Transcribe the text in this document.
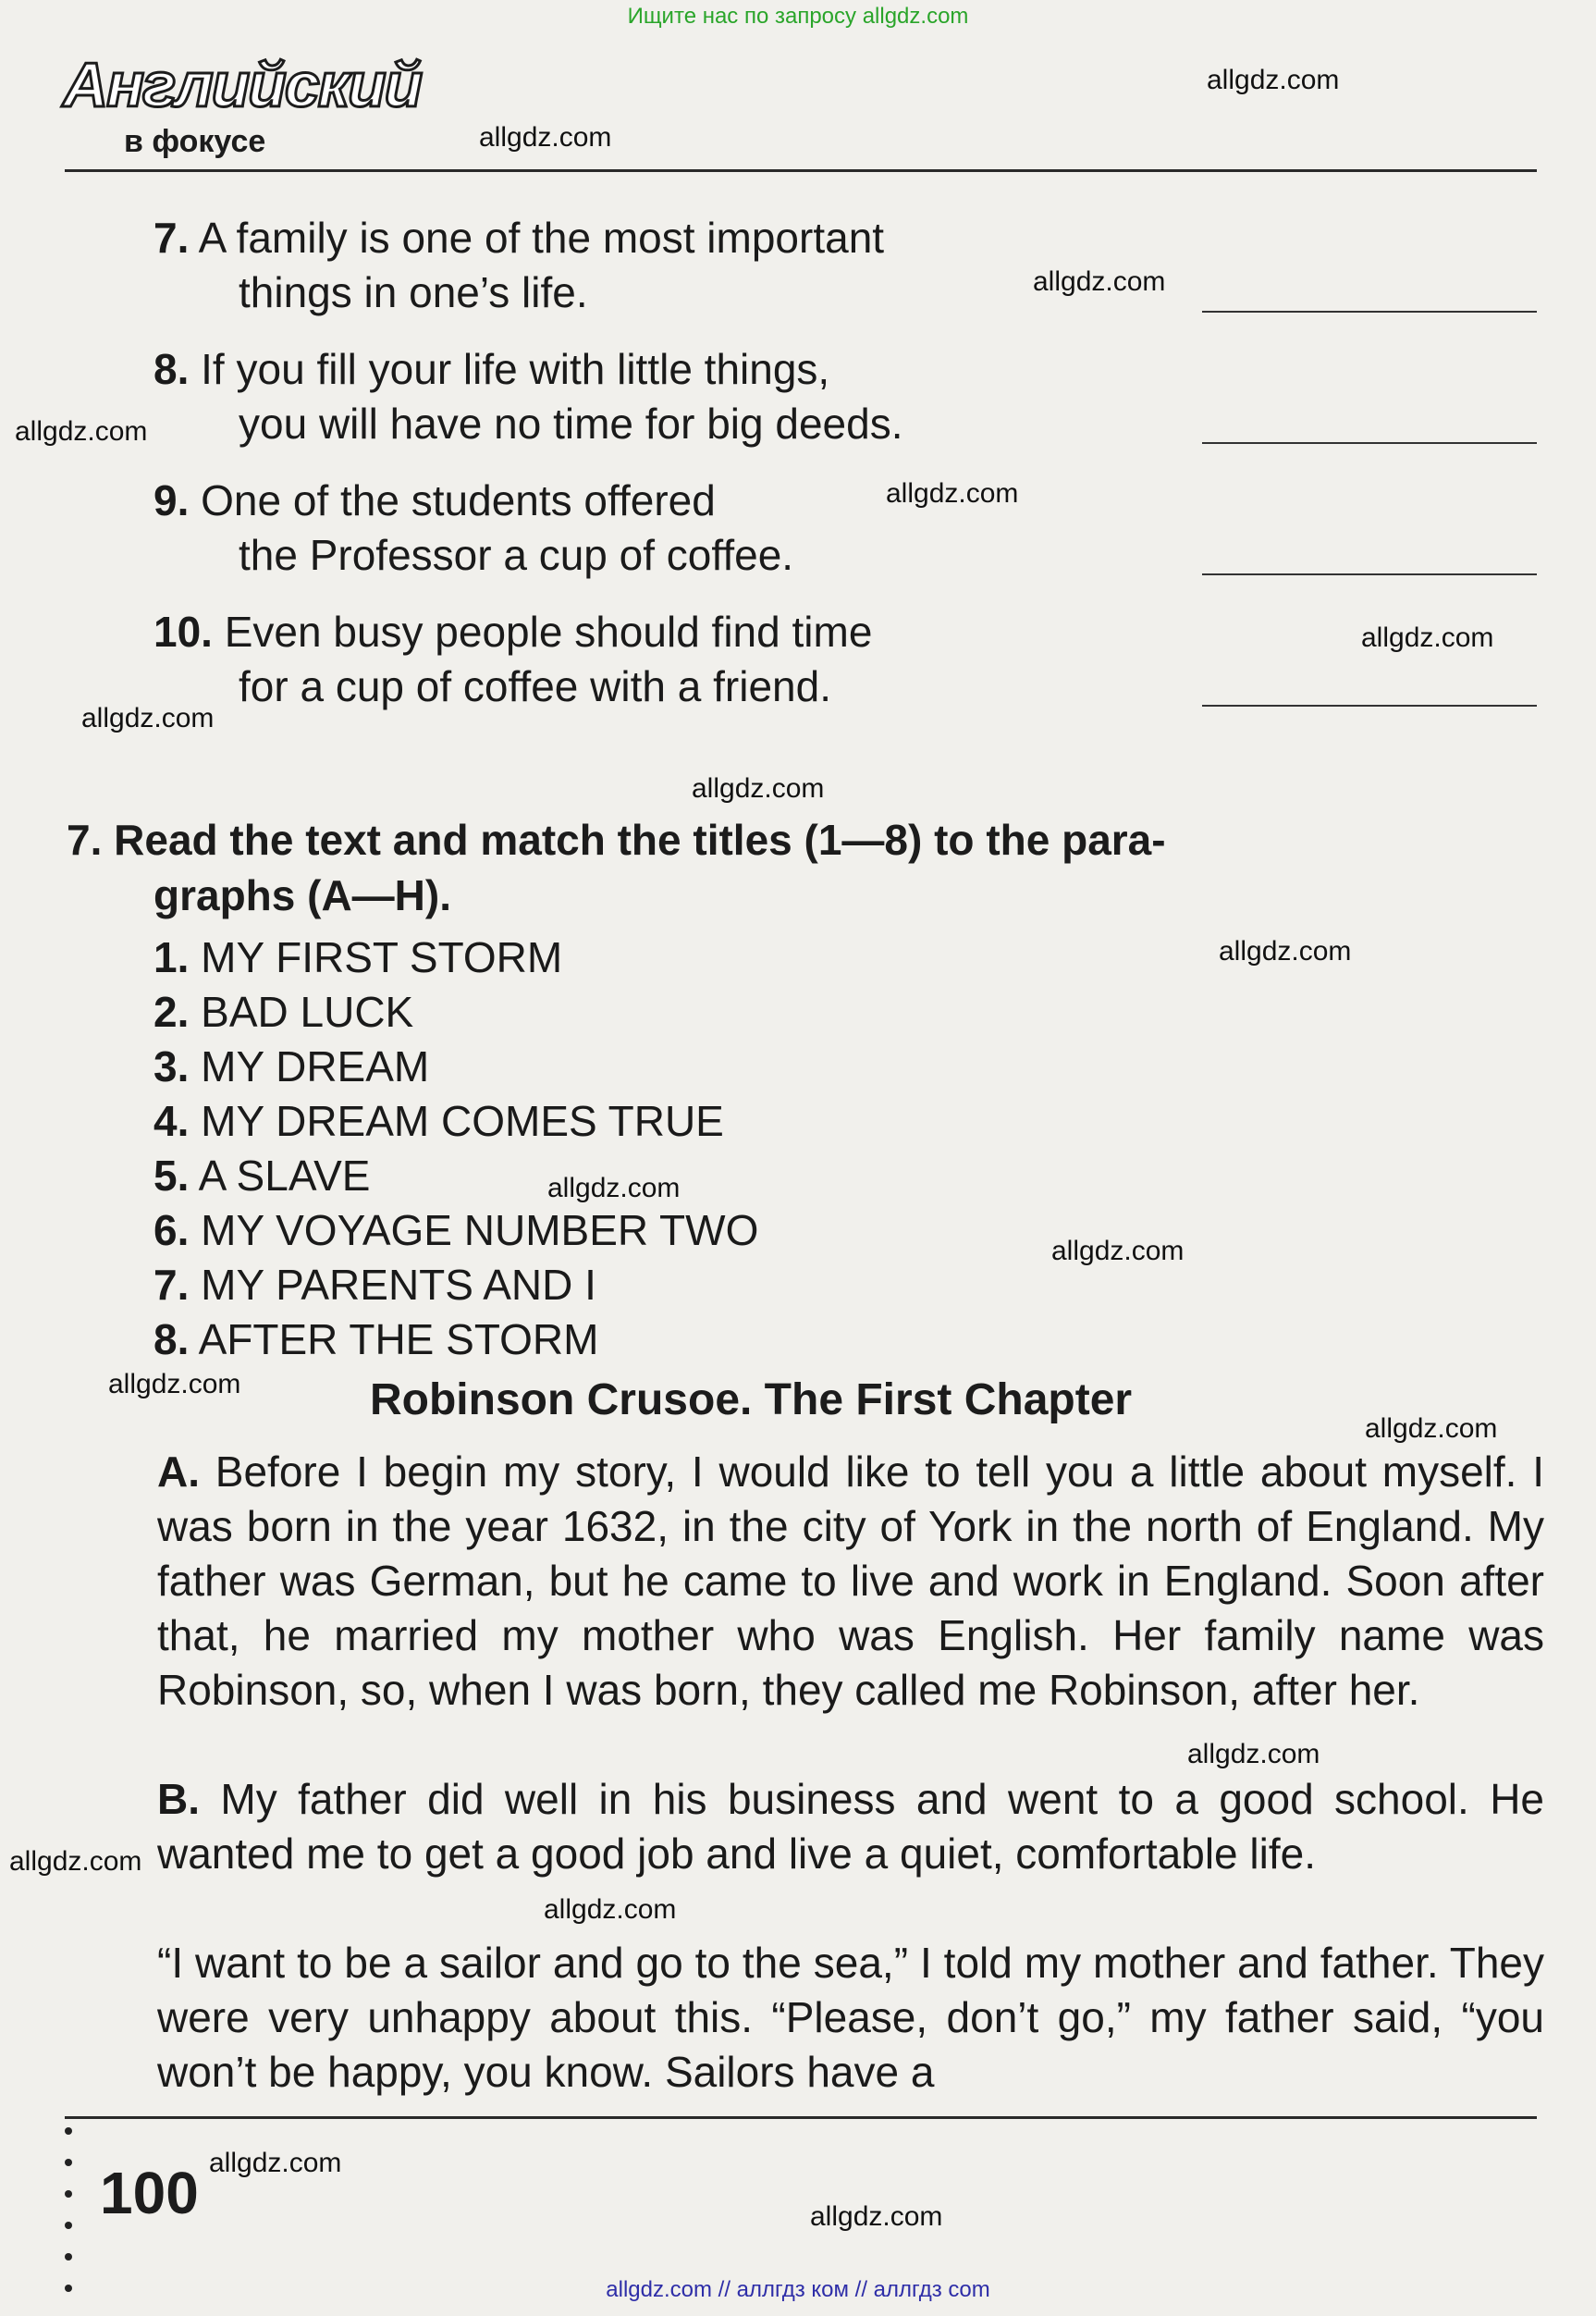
Ищите нас по запросу allgdz.com
Английский
в фокусе
7. A family is one of the most important
things in one’s life.
8. If you fill your life with little things,
you will have no time for big deeds.
9. One of the students offered
the Professor a cup of coffee.
10. Even busy people should find time
for a cup of coffee with a friend.
7. Read the text and match the titles (1—8) to the para-
graphs (A—H).
1. MY FIRST STORM
2. BAD LUCK
3. MY DREAM
4. MY DREAM COMES TRUE
5. A SLAVE
6. MY VOYAGE NUMBER TWO
7. MY PARENTS AND I
8. AFTER THE STORM
Robinson Crusoe. The First Chapter
A. Before I begin my story, I would like to tell you a little about myself. I was born in the year 1632, in the city of York in the north of England. My father was German, but he came to live and work in England. Soon after that, he married my mother who was English. Her family name was Robinson, so, when I was born, they called me Robinson, after her.
B. My father did well in his business and went to a good school. He wanted me to get a good job and live a quiet, comfortable life.
“I want to be a sailor and go to the sea,” I told my mother and father. They were very unhappy about this. “Please, don’t go,” my father said, “you won’t be happy, you know. Sailors have a
100
allgdz.com
allgdz.com
allgdz.com
allgdz.com
allgdz.com
allgdz.com
allgdz.com
allgdz.com
allgdz.com
allgdz.com
allgdz.com
allgdz.com
allgdz.com
allgdz.com
allgdz.com
allgdz.com
allgdz.com
allgdz.com
allgdz.com // аллгдз ком // аллгдз com
